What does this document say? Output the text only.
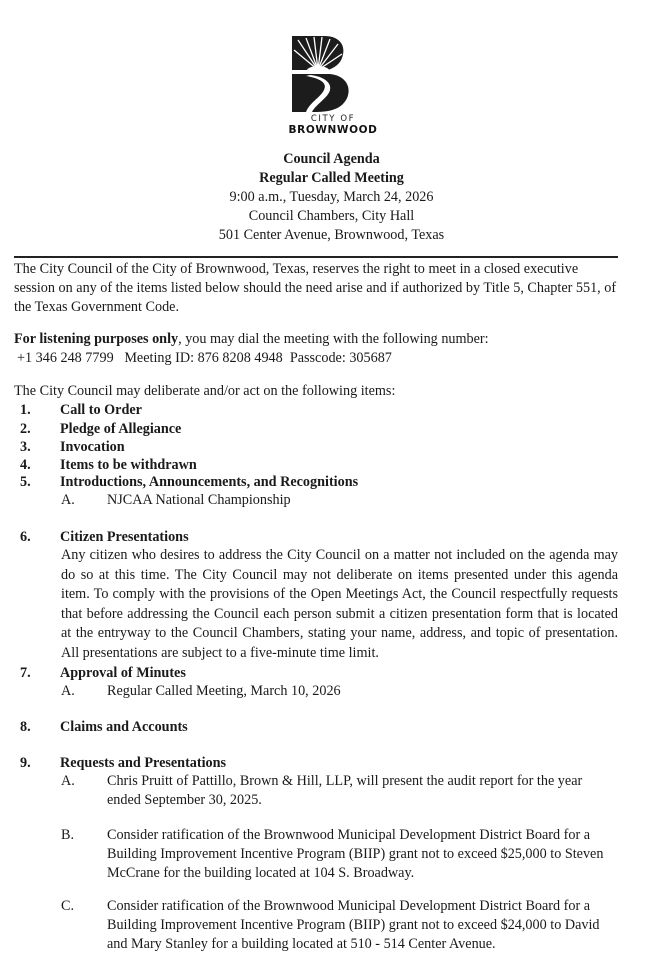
CITY OF
BROWNWOOD
Council Agenda
Regular Called Meeting
9:00 a.m., Tuesday, March 24, 2026
Council Chambers, City Hall
501 Center Avenue, Brownwood, Texas
The City Council of the City of Brownwood, Texas, reserves the right to meet in a closed executive session on any of the items listed below should the need arise and if authorized by Title 5, Chapter 551, of the Texas Government Code.
For listening purposes only, you may dial the meeting with the following number:
+1 346 248 7799   Meeting ID: 876 8208 4948  Passcode: 305687
The City Council may deliberate and/or act on the following items:
1. Call to Order
2. Pledge of Allegiance
3. Invocation
4. Items to be withdrawn
5. Introductions, Announcements, and Recognitions
A. NJCAA National Championship
6. Citizen Presentations
Any citizen who desires to address the City Council on a matter not included on the agenda may do so at this time. The City Council may not deliberate on items presented under this agenda item. To comply with the provisions of the Open Meetings Act, the Council respectfully requests that before addressing the Council each person submit a citizen presentation form that is located at the entryway to the Council Chambers, stating your name, address, and topic of presentation. All presentations are subject to a five-minute time limit.
7. Approval of Minutes
A. Regular Called Meeting, March 10, 2026
8. Claims and Accounts
9. Requests and Presentations
A. Chris Pruitt of Pattillo, Brown & Hill, LLP, will present the audit report for the year ended September 30, 2025.
B. Consider ratification of the Brownwood Municipal Development District Board for a Building Improvement Incentive Program (BIIP) grant not to exceed $25,000 to Steven McCrane for the building located at 104 S. Broadway.
C. Consider ratification of the Brownwood Municipal Development District Board for a Building Improvement Incentive Program (BIIP) grant not to exceed $24,000 to David and Mary Stanley for a building located at 510 - 514 Center Avenue.
